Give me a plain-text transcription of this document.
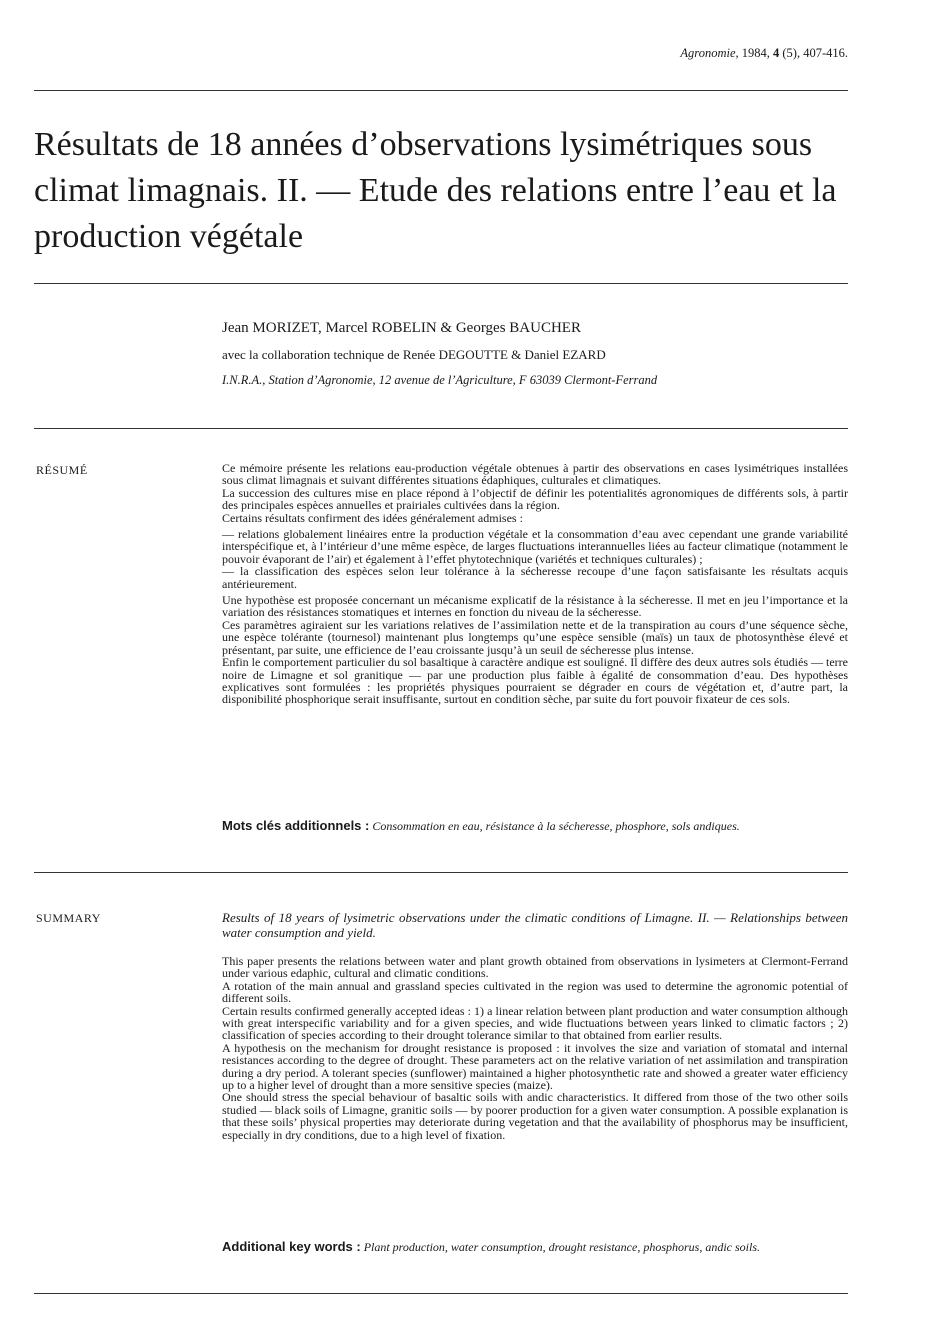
Agronomie, 1984, 4 (5), 407-416.
Résultats de 18 années d’observations lysimétriques sous climat limagnais. II. — Etude des relations entre l’eau et la production végétale
Jean MORIZET, Marcel ROBELIN & Georges BAUCHER
avec la collaboration technique de Renée DEGOUTTE & Daniel EZARD
I.N.R.A., Station d’Agronomie, 12 avenue de l’Agriculture, F 63039 Clermont-Ferrand
RÉSUMÉ	Ce mémoire présente les relations eau-production végétale obtenues à partir des observations en cases lysimétriques installées sous climat limagnais et suivant différentes situations édaphiques, culturales et climatiques.

La succession des cultures mise en place répond à l’objectif de définir les potentialités agronomiques de différents sols, à partir des principales espèces annuelles et prairiales cultivées dans la région.

Certains résultats confirment des idées généralement admises :

— relations globalement linéaires entre la production végétale et la consommation d’eau avec cependant une grande variabilité interspécifique et, à l’intérieur d’une même espèce, de larges fluctuations interannuelles liées au facteur climatique (notamment le pouvoir évaporant de l’air) et également à l’effet phytotechnique (variétés et techniques culturales) ;

— la classification des espèces selon leur tolérance à la sécheresse recoupe d’une façon satisfaisante les résultats acquis antérieurement.

Une hypothèse est proposée concernant un mécanisme explicatif de la résistance à la sécheresse. Il met en jeu l’importance et la variation des résistances stomatiques et internes en fonction du niveau de la sécheresse.

Ces paramètres agiraient sur les variations relatives de l’assimilation nette et de la transpiration au cours d’une séquence sèche, une espèce tolérante (tournesol) maintenant plus longtemps qu’une espèce sensible (maïs) un taux de photosynthèse élevé et présentant, par suite, une efficience de l’eau croissante jusqu’à un seuil de sécheresse plus intense.

Enfin le comportement particulier du sol basaltique à caractère andique est souligné. Il diffère des deux autres sols étudiés — terre noire de Limagne et sol granitique — par une production plus faible à égalité de consommation d’eau. Des hypothèses explicatives sont formulées : les propriétés physiques pourraient se dégrader en cours de végétation et, d’autre part, la disponibilité phosphorique serait insuffisante, surtout en condition sèche, par suite du fort pouvoir fixateur de ces sols.

Mots clés additionnels : Consommation en eau, résistance à la sécheresse, phosphore, sols andiques.
SUMMARY	Results of 18 years of lysimetric observations under the climatic conditions of Limagne. II. — Relationships between water consumption and yield.

This paper presents the relations between water and plant growth obtained from observations in lysimeters at Clermont-Ferrand under various edaphic, cultural and climatic conditions.

A rotation of the main annual and grassland species cultivated in the region was used to determine the agronomic potential of different soils.

Certain results confirmed generally accepted ideas : 1) a linear relation between plant production and water consumption although with great interspecific variability and for a given species, and wide fluctuations between years linked to climatic factors ; 2) classification of species according to their drought tolerance similar to that obtained from earlier results.

A hypothesis on the mechanism for drought resistance is proposed : it involves the size and variation of stomatal and internal resistances according to the degree of drought. These parameters act on the relative variation of net assimilation and transpiration during a dry period. A tolerant species (sunflower) maintained a higher photosynthetic rate and showed a greater water efficiency up to a higher level of drought than a more sensitive species (maize).

One should stress the special behaviour of basaltic soils with andic characteristics. It differed from those of the two other soils studied — black soils of Limagne, granitic soils — by poorer production for a given water consumption. A possible explanation is that these soils’ physical properties may deteriorate during vegetation and that the availability of phosphorus may be insufficient, especially in dry conditions, due to a high level of fixation.

Additional key words : Plant production, water consumption, drought resistance, phosphorus, andic soils.
